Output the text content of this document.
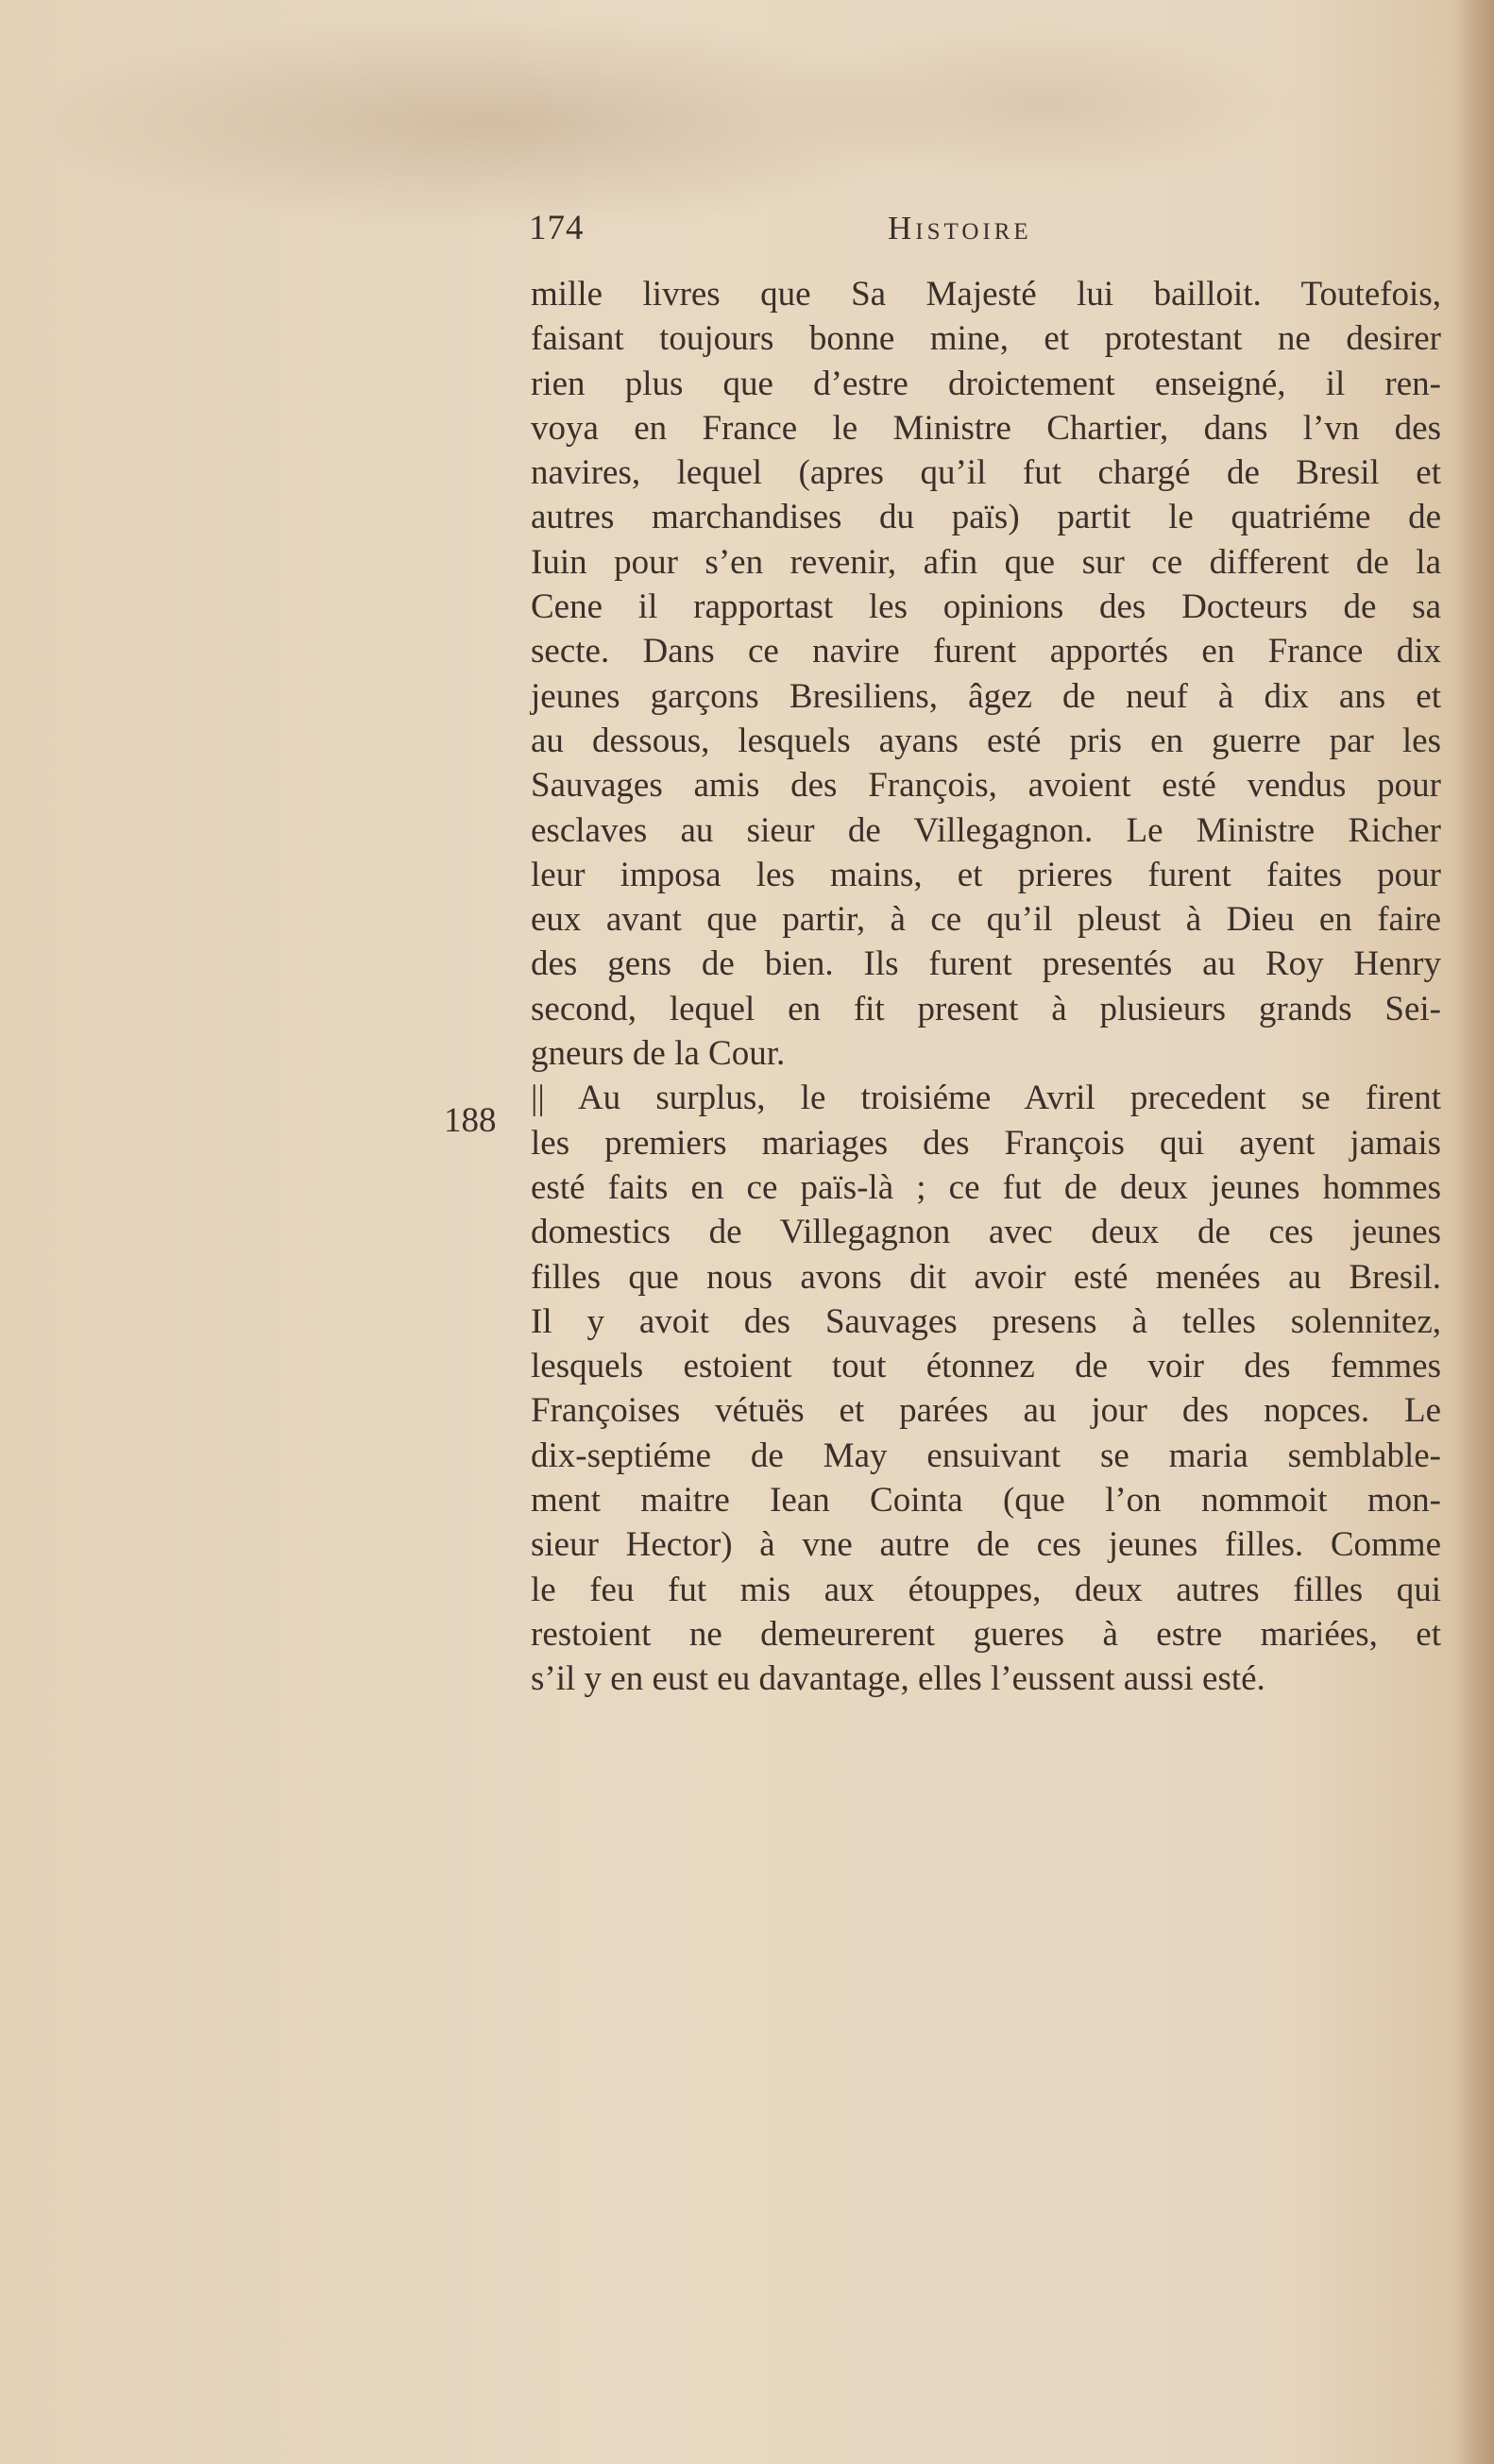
174	Histoire
188
mille livres que Sa Majesté lui bailloit. Toutefois,
faisant toujours bonne mine, et protestant ne desirer
rien plus que d’estre droictement enseigné, il ren-
voya en France le Ministre Chartier, dans l’vn des
navires, lequel (apres qu’il fut chargé de Bresil et
autres marchandises du païs) partit le quatriéme de
Iuin pour s’en revenir, afin que sur ce different de la
Cene il rapportast les opinions des Docteurs de sa
secte. Dans ce navire furent apportés en France dix
jeunes garçons Bresiliens, âgez de neuf à dix ans et
au dessous, lesquels ayans esté pris en guerre par les
Sauvages amis des François, avoient esté vendus pour
esclaves au sieur de Villegagnon. Le Ministre Richer
leur imposa les mains, et prieres furent faites pour
eux avant que partir, à ce qu’il pleust à Dieu en faire
des gens de bien. Ils furent presentés au Roy Henry
second, lequel en fit present à plusieurs grands Sei-
gneurs de la Cour.
|| Au surplus, le troisiéme Avril precedent se firent
les premiers mariages des François qui ayent jamais
esté faits en ce païs-là ; ce fut de deux jeunes hommes
domestics de Villegagnon avec deux de ces jeunes
filles que nous avons dit avoir esté menées au Bresil.
Il y avoit des Sauvages presens à telles solennitez,
lesquels estoient tout étonnez de voir des femmes
Françoises vétuës et parées au jour des nopces. Le
dix-septiéme de May ensuivant se maria semblable-
ment maitre Iean Cointa (que l’on nommoit mon-
sieur Hector) à vne autre de ces jeunes filles. Comme
le feu fut mis aux étouppes, deux autres filles qui
restoient ne demeurerent gueres à estre mariées, et
s’il y en eust eu davantage, elles l’eussent aussi esté.
